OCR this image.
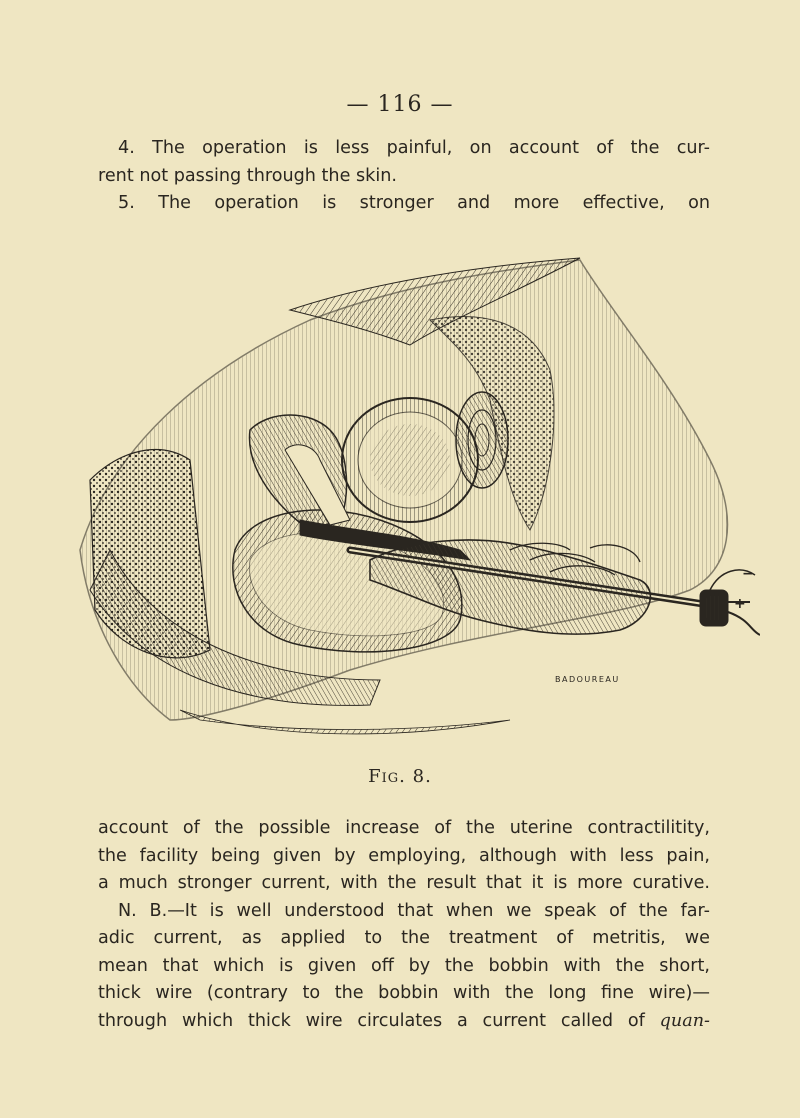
— 116 —
4. The operation is less painful, on account of the cur-
rent not passing through the skin.
5. The operation is stronger and more effective, on
+
−
BADOUREAU
Fig. 8.
account of the possible increase of the uterine contractilitity,
the facility being given by employing, although with less pain,
a much stronger current, with the result that it is more curative.
N. B.—It is well understood that when we speak of the far-
adic current, as applied to the treatment of metritis, we
mean that which is given off by the bobbin with the short,
thick wire (contrary to the bobbin with the long fine wire)—
through which thick wire circulates a current called of quan-
